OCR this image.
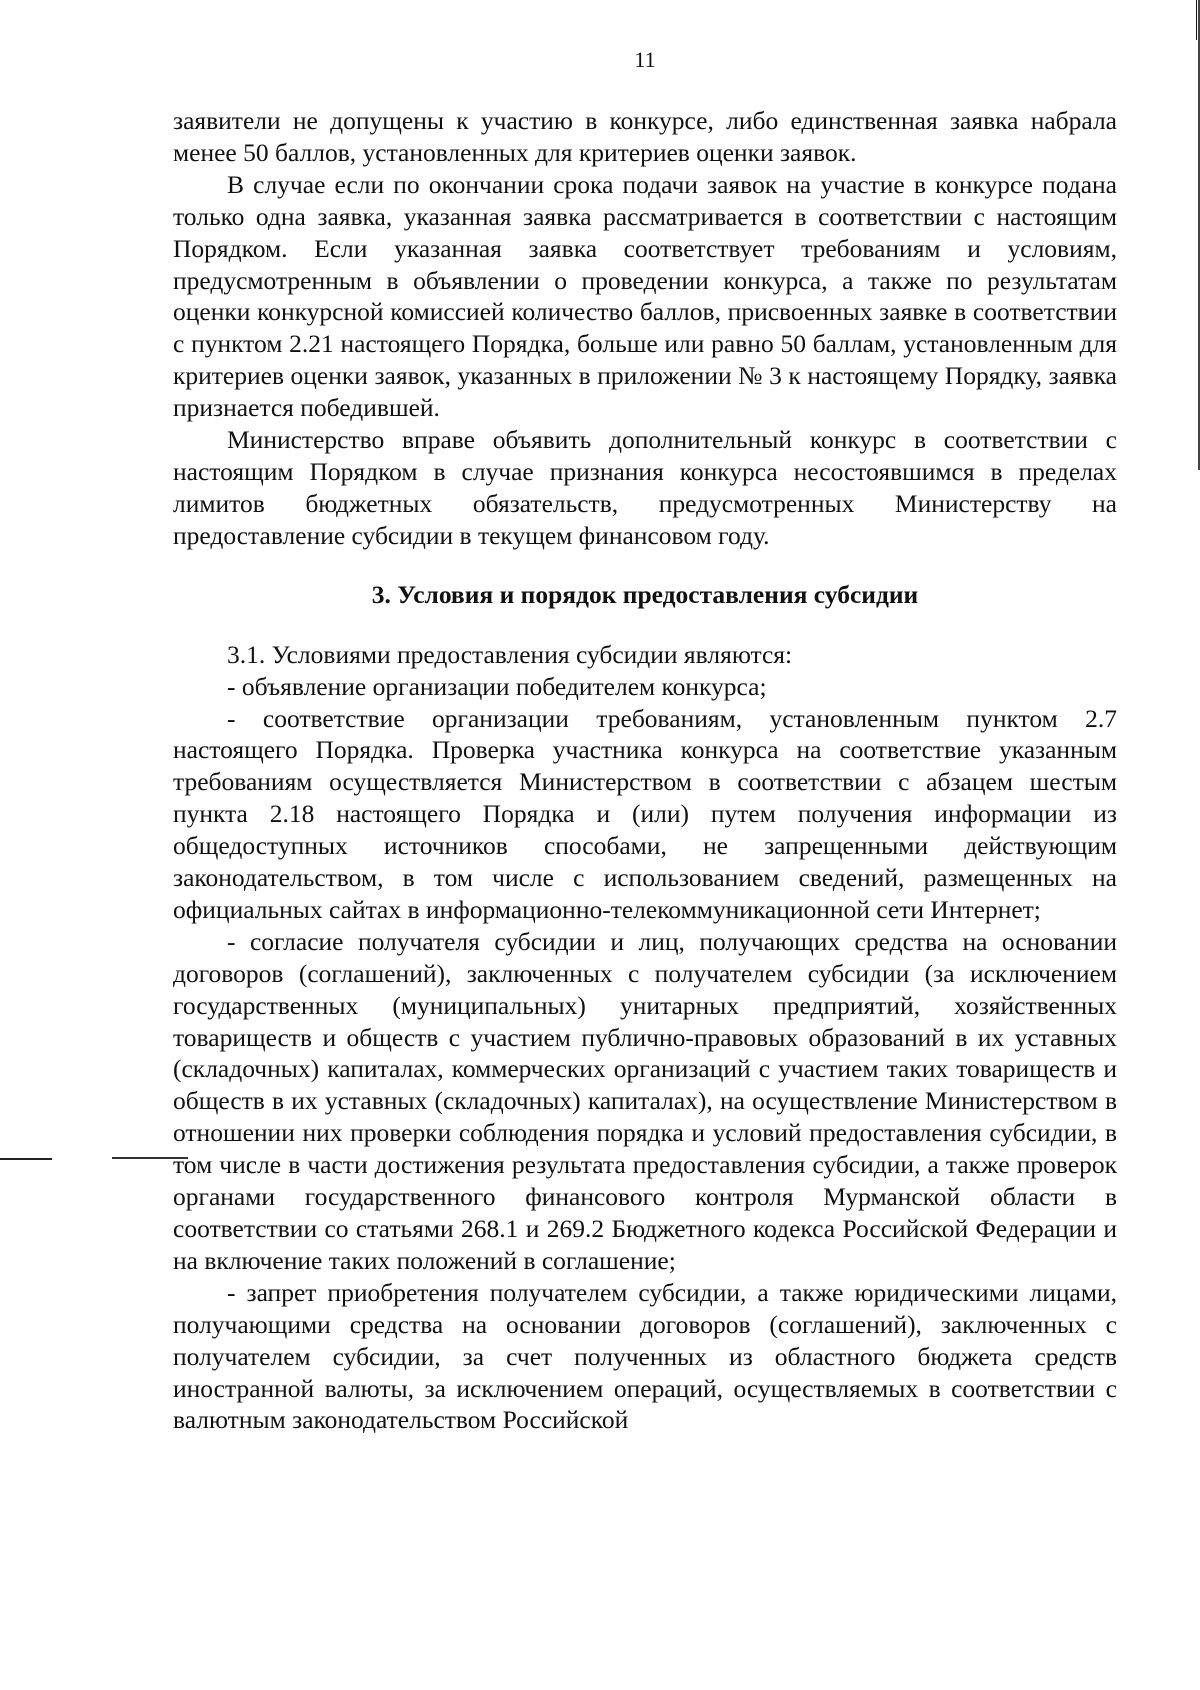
11

заявители не допущены к участию в конкурсе, либо единственная заявка набрала менее 50 баллов, установленных для критериев оценки заявок.

В случае если по окончании срока подачи заявок на участие в конкурсе подана только одна заявка, указанная заявка рассматривается в соответствии с настоящим Порядком. Если указанная заявка соответствует требованиям и условиям, предусмотренным в объявлении о проведении конкурса, а также по результатам оценки конкурсной комиссией количество баллов, присвоенных заявке в соответствии с пунктом 2.21 настоящего Порядка, больше или равно 50 баллам, установленным для критериев оценки заявок, указанных в приложении № 3 к настоящему Порядку, заявка признается победившей.

Министерство вправе объявить дополнительный конкурс в соответствии с настоящим Порядком в случае признания конкурса несостоявшимся в пределах лимитов бюджетных обязательств, предусмотренных Министерству на предоставление субсидии в текущем финансовом году.

3. Условия и порядок предоставления субсидии

3.1. Условиями предоставления субсидии являются:

- объявление организации победителем конкурса;

- соответствие организации требованиям, установленным пунктом 2.7 настоящего Порядка. Проверка участника конкурса на соответствие указанным требованиям осуществляется Министерством в соответствии с абзацем шестым пункта 2.18 настоящего Порядка и (или) путем получения информации из общедоступных источников способами, не запрещенными действующим законодательством, в том числе с использованием сведений, размещенных на официальных сайтах в информационно-телекоммуникационной сети Интернет;

- согласие получателя субсидии и лиц, получающих средства на основании договоров (соглашений), заключенных с получателем субсидии (за исключением государственных (муниципальных) унитарных предприятий, хозяйственных товариществ и обществ с участием публично-правовых образований в их уставных (складочных) капиталах, коммерческих организаций с участием таких товариществ и обществ в их уставных (складочных) капиталах), на осуществление Министерством в отношении них проверки соблюдения порядка и условий предоставления субсидии, в том числе в части достижения результата предоставления субсидии, а также проверок органами государственного финансового контроля Мурманской области в соответствии со статьями 268.1 и 269.2 Бюджетного кодекса Российской Федерации и на включение таких положений в соглашение;

- запрет приобретения получателем субсидии, а также юридическими лицами, получающими средства на основании договоров (соглашений), заключенных с получателем субсидии, за счет полученных из областного бюджета средств иностранной валюты, за исключением операций, осуществляемых в соответствии с валютным законодательством Российской
